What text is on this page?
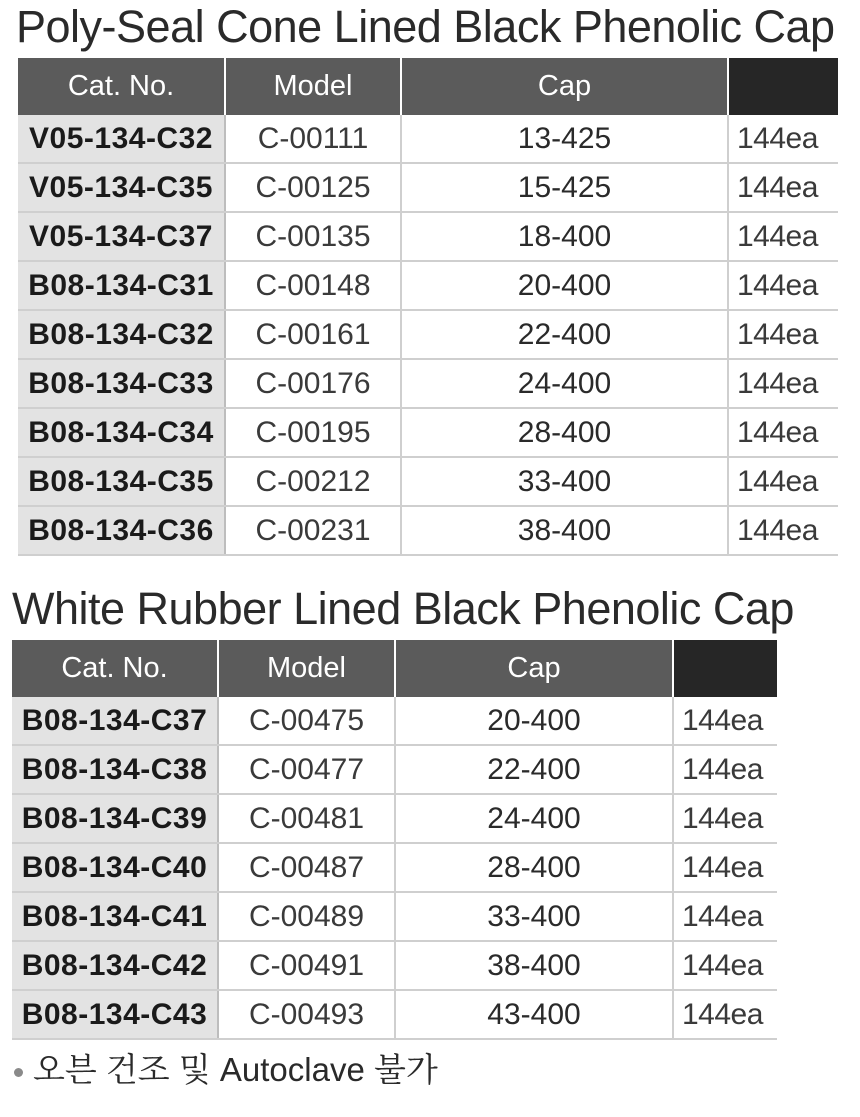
Poly-Seal Cone Lined Black Phenolic Cap
Cat. No.	Model	Cap	
V05-134-C32	C-00111	13-425	144ea
V05-134-C35	C-00125	15-425	144ea
V05-134-C37	C-00135	18-400	144ea
B08-134-C31	C-00148	20-400	144ea
B08-134-C32	C-00161	22-400	144ea
B08-134-C33	C-00176	24-400	144ea
B08-134-C34	C-00195	28-400	144ea
B08-134-C35	C-00212	33-400	144ea
B08-134-C36	C-00231	38-400	144ea
White Rubber Lined Black Phenolic Cap
Cat. No.	Model	Cap	
B08-134-C37	C-00475	20-400	144ea
B08-134-C38	C-00477	22-400	144ea
B08-134-C39	C-00481	24-400	144ea
B08-134-C40	C-00487	28-400	144ea
B08-134-C41	C-00489	33-400	144ea
B08-134-C42	C-00491	38-400	144ea
B08-134-C43	C-00493	43-400	144ea
오븐 건조 및 Autoclave 불가
